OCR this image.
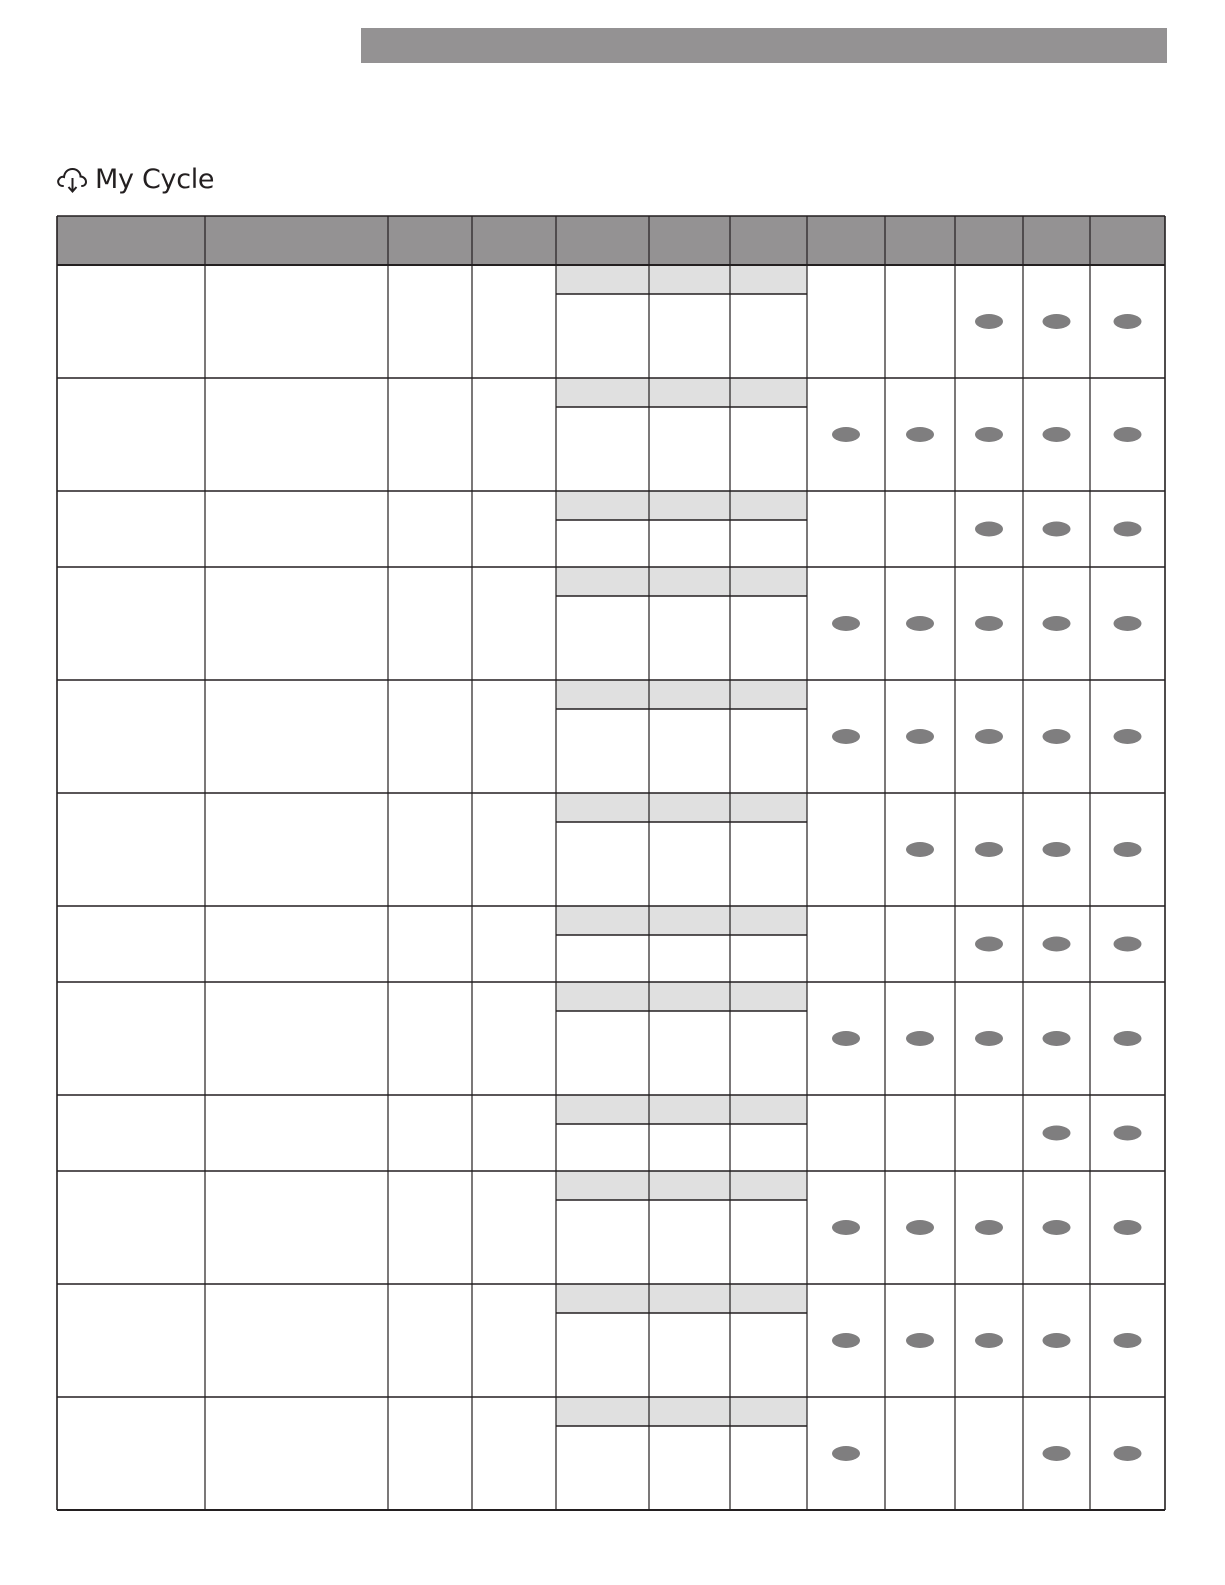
My Cycle
